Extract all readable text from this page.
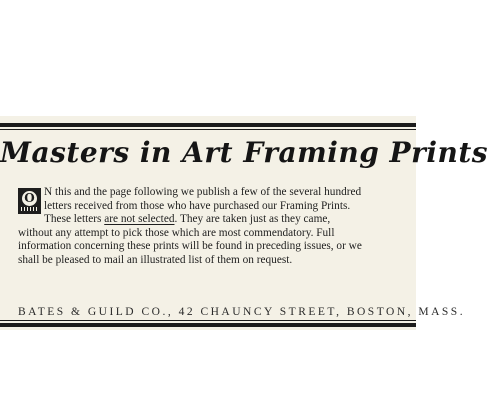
Masters in Art Framing Prints
O N this and the page following we publish a few of the several hundred
letters received from those who have purchased our Framing Prints.
These letters are not selected. They are taken just as they came,
without any attempt to pick those which are most commendatory. Full
information concerning these prints will be found in preceding issues, or we
shall be pleased to mail an illustrated list of them on request.
BATES & GUILD CO., 42 CHAUNCY STREET, BOSTON, MASS.
